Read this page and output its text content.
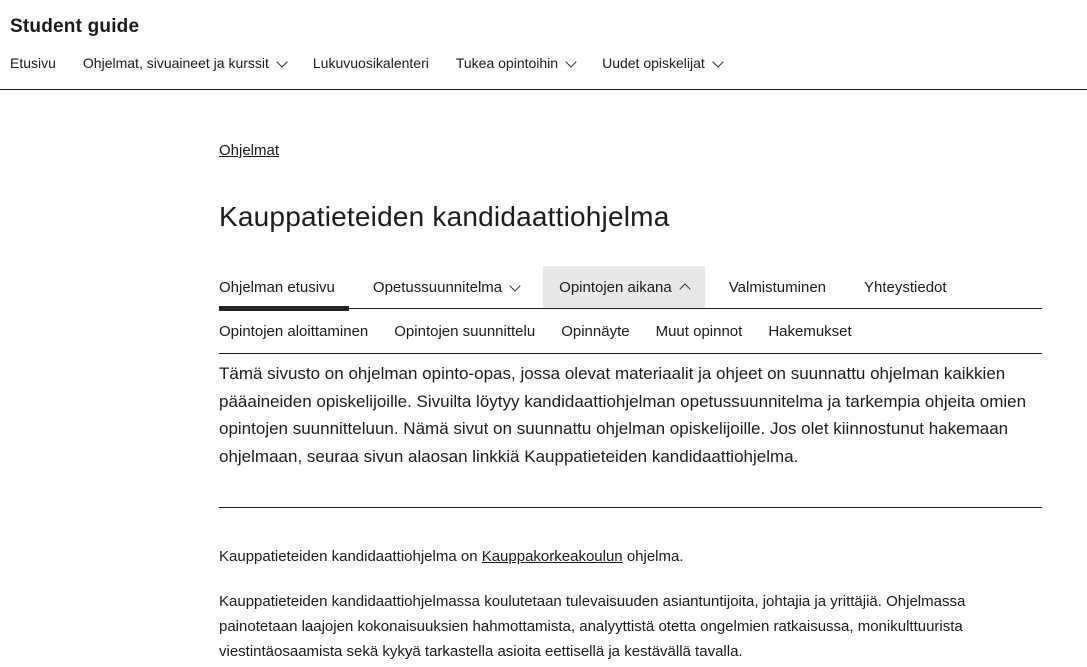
Student guide
Etusivu Ohjelmat, sivuaineet ja kurssit	Lukuvuosikalenteri Tukea opintoihin	Uudet opiskelijat
Ohjelmat
Kauppatieteiden kandidaattiohjelma
Ohjelman etusivu	Opetussuunnitelma	Opintojen aikana	Valmistuminen	Yhteystiedot
Opintojen aloittaminen Opintojen suunnittelu Opinnäyte Muut opinnot Hakemukset

Tämä sivusto on ohjelman opinto-opas, jossa olevat materiaalit ja ohjeet on suunnattu ohjelman kaikkien pääaineiden opiskelijoille. Sivuilta löytyy kandidaattiohjelman opetussuunnitelma ja tarkempia ohjeita omien opintojen suunnitteluun. Nämä sivut on suunnattu ohjelman opiskelijoille. Jos olet kiinnostunut hakemaan ohjelmaan, seuraa sivun alaosan linkkiä Kauppatieteiden kandidaattiohjelma.

Kauppatieteiden kandidaattiohjelma on Kauppakorkeakoulun ohjelma.

Kauppatieteiden kandidaattiohjelmassa koulutetaan tulevaisuuden asiantuntijoita, johtajia ja yrittäjiä. Ohjelmassa painotetaan laajojen kokonaisuuksien hahmottamista, analyyttistä otetta ongelmien ratkaisussa, monikulttuurista viestintäosaamista sekä kykyä tarkastella asioita eettisellä ja kestävällä tavalla.
